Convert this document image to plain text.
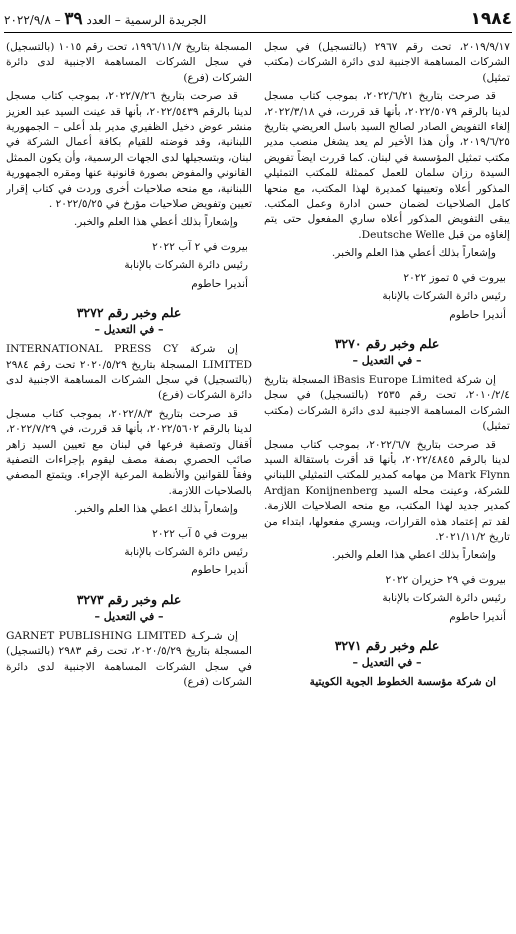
١٩٨٤
الجريدة الرسمية – العدد ٣٩ – ٢٠٢٢/٩/٨

٢٠١٩/٩/١٧، تحت رقم ٢٩٦٧ (بالتسجيل) في سجل الشركات المساهمة الاجنبية لدى دائرة الشركات (مكتب تمثيل)

قد صرحت بتاريخ ٢٠٢٢/٦/٢١، بموجب كتاب مسجل لدينا بالرقم ٢٠٢٢/٥٠٧٩، بأنها قد قررت، في ٢٠٢٢/٣/١٨، إلغاء التفويض الصادر لصالح السيد باسل العريضي بتاريخ ٢٠١٩/٦/٢٥، وأن هذا الأخير لم يعد يشغل منصب مدير مكتب تمثيل المؤسسة في لبنان. كما قررت ايضاً تفويض السيدة رزان سلمان للعمل كممثلة للمكتب التمثيلي المذكور أعلاه وتعيينها كمديرة لهذا المكتب، مع منحها كامل الصلاحيات لضمان حسن ادارة وعمل المكتب. يبقى التفويض المذكور أعلاه ساري المفعول حتى يتم إلغاؤه من قبل Deutsche Welle.

وإشعاراً بذلك أعطي هذا العلم والخبر.

بيروت في ٥ تموز ٢٠٢٢

رئيس دائرة الشركات بالإنابة

أنديرا حاطوم

علم وخبر رقم ٣٢٧٠
– في التعديل –

إن شركة iBasis Europe Limited المسجلة بتاريخ ٢٠١٠/٢/٤، تحت رقم ٢٥٣٥ (بالتسجيل) في سجل الشركات المساهمة الاجنبية لدى دائرة الشركات (مكتب تمثيل)

قد صرحت بتاريخ ٢٠٢٢/٦/٧، بموجب كتاب مسجل لدينا بالرقم ٢٠٢٢/٤٨٤٥، بأنها قد أقرت باستقالة السيد Mark Flynn من مهامه كمدير للمكتب التمثيلي اللبناني للشركة، وعينت محله السيد Ardjan Konijnenberg كمدير جديد لهذا المكتب، مع منحه الصلاحيات اللازمة. لقد تم إعتماد هذه القرارات، ويسري مفعولها، ابتداء من تاريخ ٢٠٢١/١١/٢.

وإشعاراً بذلك اعطي هذا العلم والخبر.

بيروت في ٢٩ حزيران ٢٠٢٢

رئيس دائرة الشركات بالإنابة

أنديرا حاطوم

علم وخبر رقم ٣٢٧١
– في التعديل –

ان شركة مؤسسة الخطوط الجوية الكويتية

المسجلة بتاريخ ١٩٩٦/١١/٧، تحت رقم ١٠١٥ (بالتسجيل) في سجل الشركات المساهمة الاجنبية لدى دائرة الشركات (فرع)

قد صرحت بتاريخ ٢٠٢٢/٧/٢٦، بموجب كتاب مسجل لدينا بالرقم ٢٠٢٢/٥٤٣٩، بأنها قد عينت السيد عبد العزيز منشر عوض دخيل الظفيري مدير بلد أعلى – الجمهورية اللبنانية، وقد فوضته للقيام بكافة أعمال الشركة في لبنان، وبتسجيلها لدى الجهات الرسمية، وأن يكون الممثل القانوني والمفوض بصورة قانونية عنها ومقره الجمهورية اللبنانية، مع منحه صلاحيات أخرى وردت في كتاب إقرار تعيين وتفويض صلاحيات مؤرخ في ٢٠٢٢/٥/٢٥ .

وإشعاراً بذلك أعطي هذا العلم والخبر.

بيروت في ٢ آب ٢٠٢٢

رئيس دائرة الشركات بالإنابة

أنديرا حاطوم

علم وخبر رقم ٣٢٧٢
– في التعديل –

إن شركة INTERNATIONAL PRESS CY LIMITED المسجلة بتاريخ ٢٠٢٠/٥/٢٩ تحت رقم ٢٩٨٤ (بالتسجيل) في سجل الشركات المساهمة الاجنبية لدى دائرة الشركات (فرع)

قد صرحت بتاريخ ٢٠٢٢/٨/٣، بموجب كتاب مسجل لدينا بالرقم ٢٠٢٢/٥٦٠٢، بأنها قد قررت، في ٢٠٢٢/٧/٢٩، أقفال وتصفية فرعها في لبنان مع تعيين السيد زاهر صائب الحصري بصفة مصف ليقوم بإجراءات التصفية وفقاً للقوانين والأنظمة المرعية الإجراء. ويتمتع المصفي بالصلاحيات اللازمة.

وإشعاراً بذلك اعطي هذا العلم والخبر.

بيروت في ٥ آب ٢٠٢٢

رئيس دائرة الشركات بالإنابة

أنديرا حاطوم

علم وخبر رقم ٣٢٧٣
– في التعديل –

إن شـركـة GARNET PUBLISHING LIMITED المسجلة بتاريخ ٢٠٢٠/٥/٢٩، تحت رقم ٢٩٨٣ (بالتسجيل) في سجل الشركات المساهمة الاجنبية لدى دائرة الشركات (فرع)
